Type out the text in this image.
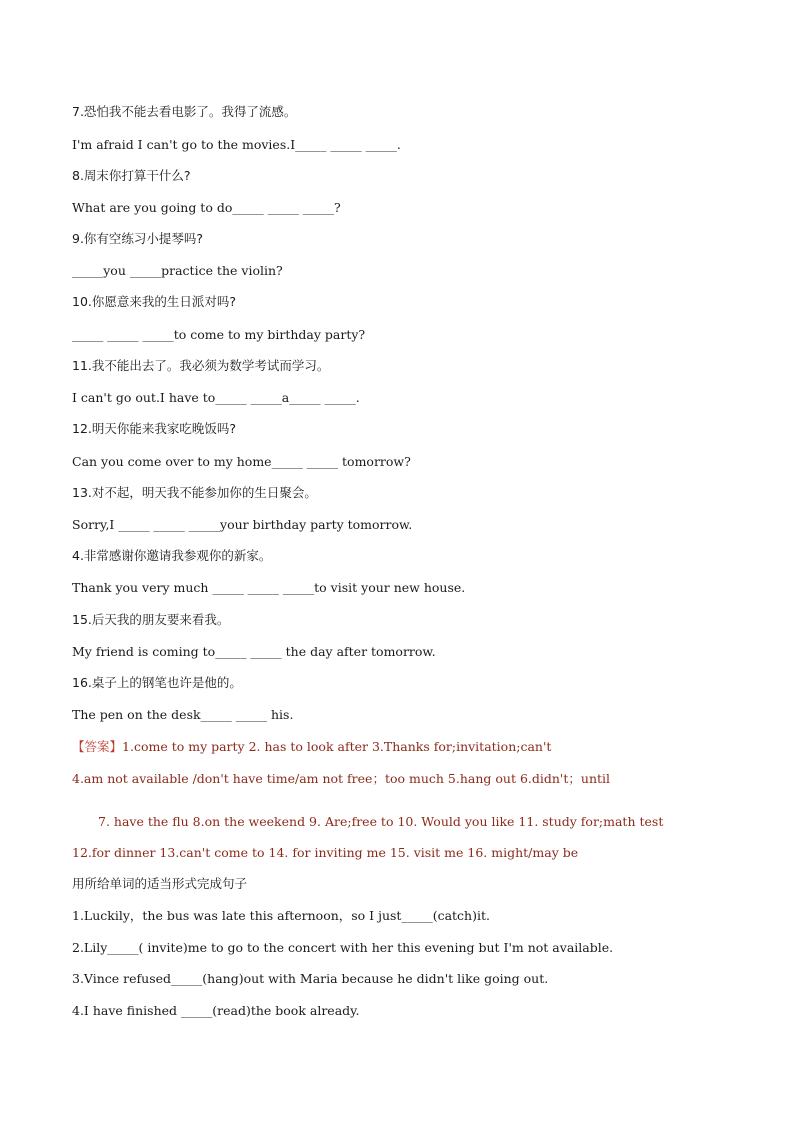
7.恐怕我不能去看电影了。我得了流感。
I'm afraid I can't go to the movies.I_____ _____ _____.
8.周末你打算干什么?
What are you going to do_____ _____ _____?
9.你有空练习小提琴吗?
_____you _____practice the violin?
10.你愿意来我的生日派对吗?
_____ _____ _____to come to my birthday party?
11.我不能出去了。我必须为数学考试而学习。
I can't go out.I have to_____ _____a_____ _____.
12.明天你能来我家吃晚饭吗?
Can you come over to my home_____ _____ tomorrow?
13.对不起，明天我不能参加你的生日聚会。
Sorry,I _____ _____ _____your birthday party tomorrow.
4.非常感谢你邀请我参观你的新家。
Thank you very much _____ _____ _____to visit your new house.
15.后天我的朋友要来看我。
My friend is coming to_____ _____ the day after tomorrow.
16.桌子上的钢笔也许是他的。
The pen on the desk_____ _____ his.
【答案】1.come to my party 2. has to look after 3.Thanks for;invitation;can't
4.am not available /don't have time/am not free；too much 5.hang out 6.didn't；until
7. have the flu 8.on the weekend 9. Are;free to 10. Would you like 11. study for;math test
12.for dinner 13.can't come to 14. for inviting me 15. visit me 16. might/may be
用所给单词的适当形式完成句子
1.Luckily，the bus was late this afternoon，so I just_____(catch)it.
2.Lily_____( invite)me to go to the concert with her this evening but I'm not available.
3.Vince refused_____(hang)out with Maria because he didn't like going out.
4.I have finished _____(read)the book already.
